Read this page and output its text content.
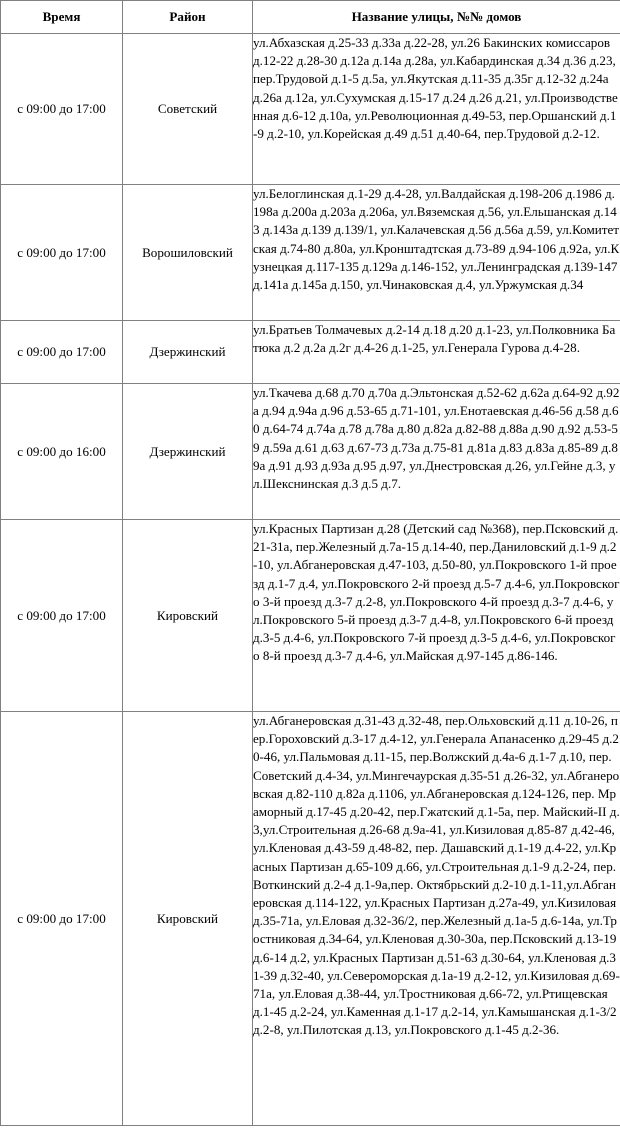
Время	Район	Название улицы, №№ домов
с 09:00 до 17:00	Советский	ул.Абхазская д.25-33 д.33а д.22-28, ул.26 Бакинских комиссаров д.12-22 д.28-30 д.12а д.14а д.28а, ул.Кабардинская д.34 д.36 д.23, пер.Трудовой д.1-5 д.5а, ул.Якутская д.11-35 д.35г д.12-32 д.24а д.26а д.12а, ул.Сухумская д.15-17 д.24 д.26 д.21, ул.Производственная д.6-12 д.10а, ул.Революционная д.49-53, пер.Оршанский д.1-9 д.2-10, ул.Корейская д.49 д.51 д.40-64, пер.Трудовой д.2-12.
с 09:00 до 17:00	Ворошиловский	ул.Белоглинская д.1-29 д.4-28, ул.Валдайская д.198-206 д.1986 д.198а д.200а д.203а д.206а, ул.Вяземская д.56, ул.Ельшанская д.143 д.143а д.139 д.139/1, ул.Калачевская д.56 д.56а д.59, ул.Комитетская д.74-80 д.80а, ул.Кронштадтская д.73-89 д.94-106 д.92а, ул.Кузнецкая д.117-135 д.129а д.146-152, ул.Ленинградская д.139-147 д.141а д.145а д.150, ул.Чинаковская д.4, ул.Уржумская д.34
с 09:00 до 17:00	Дзержинский	ул.Братьев Толмачевых д.2-14 д.18 д.20 д.1-23, ул.Полковника Батюка д.2 д.2а д.2г д.4-26 д.1-25, ул.Генерала Гурова д.4-28.
с 09:00 до 16:00	Дзержинский	ул.Ткачева д.68 д.70 д.70а д.Эльтонская д.52-62 д.62а д.64-92 д.92а д.94 д.94а д.96 д.53-65 д.71-101, ул.Енотаевская д.46-56 д.58 д.60 д.64-74 д.74а д.78 д.78а д.80 д.82а д.82-88 д.88а д.90 д.92 д.53-59 д.59а д.61 д.63 д.67-73 д.73а д.75-81 д.81а д.83 д.83а д.85-89 д.89а д.91 д.93 д.93а д.95 д.97, ул.Днестровская д.26, ул.Гейне д.3, ул.Шекснинская д.3 д.5 д.7.
с 09:00 до 17:00	Кировский	ул.Красных Партизан д.28 (Детский сад №368), пер.Псковский д.21-31а, пер.Железный д.7а-15 д.14-40, пер.Даниловский д.1-9 д.2-10, ул.Абганеровская д.47-103, д.50-80, ул.Покровского 1-й проезд д.1-7 д.4, ул.Покровского 2-й проезд д.5-7 д.4-6, ул.Покровского 3-й проезд д.3-7 д.2-8, ул.Покровского 4-й проезд д.3-7 д.4-6, ул.Покровского 5-й проезд д.3-7 д.4-8, ул.Покровского 6-й проезд д.3-5 д.4-6, ул.Покровского 7-й проезд д.3-5 д.4-6, ул.Покровского 8-й проезд д.3-7 д.4-6, ул.Майская д.97-145 д.86-146.
с 09:00 до 17:00	Кировский	ул.Абганеровская д.31-43 д.32-48, пер.Ольховский д.11 д.10-26, пер.Гороховский д.3-17 д.4-12, ул.Генерала Апанасенко д.29-45 д.20-46, ул.Пальмовая д.11-15, пер.Волжский д.4а-6 д.1-7 д.10, пер.Советский д.4-34, ул.Мингечаурская д.35-51 д.26-32, ул.Абганеровская д.82-110 д.82а д.1106, ул.Абганеровская д.124-126, пер. Мраморный д.17-45 д.20-42, пер.Гжатский д.1-5а, пер. Майский-II д.3,ул.Строительная д.26-68 д.9а-41, ул.Кизиловая д.85-87 д.42-46, ул.Кленовая д.43-59 д.48-82, пер. Дашавский д.1-19 д.4-22, ул.Красных Партизан д.65-109 д.66, ул.Строительная д.1-9 д.2-24, пер.Воткинский д.2-4 д.1-9а,пер. Октябрьский д.2-10 д.1-11,ул.Абганеровская д.114-122, ул.Красных Партизан д.27а-49, ул.Кизиловая д.35-71а, ул.Еловая д.32-36/2, пер.Железный д.1а-5 д.6-14а, ул.Тростниковая д.34-64, ул.Кленовая д.30-30а, пер.Псковский д.13-19 д.6-14 д.2, ул.Красных Партизан д.51-63 д.30-64, ул.Кленовая д.31-39 д.32-40, ул.Североморская д.1а-19 д.2-12, ул.Кизиловая д.69-71а, ул.Еловая д.38-44, ул.Тростниковая д.66-72, ул.Ртищевская д.1-45 д.2-24, ул.Каменная д.1-17 д.2-14, ул.Камышанская д.1-3/2 д.2-8, ул.Пилотская д.13, ул.Покровского д.1-45 д.2-36.
